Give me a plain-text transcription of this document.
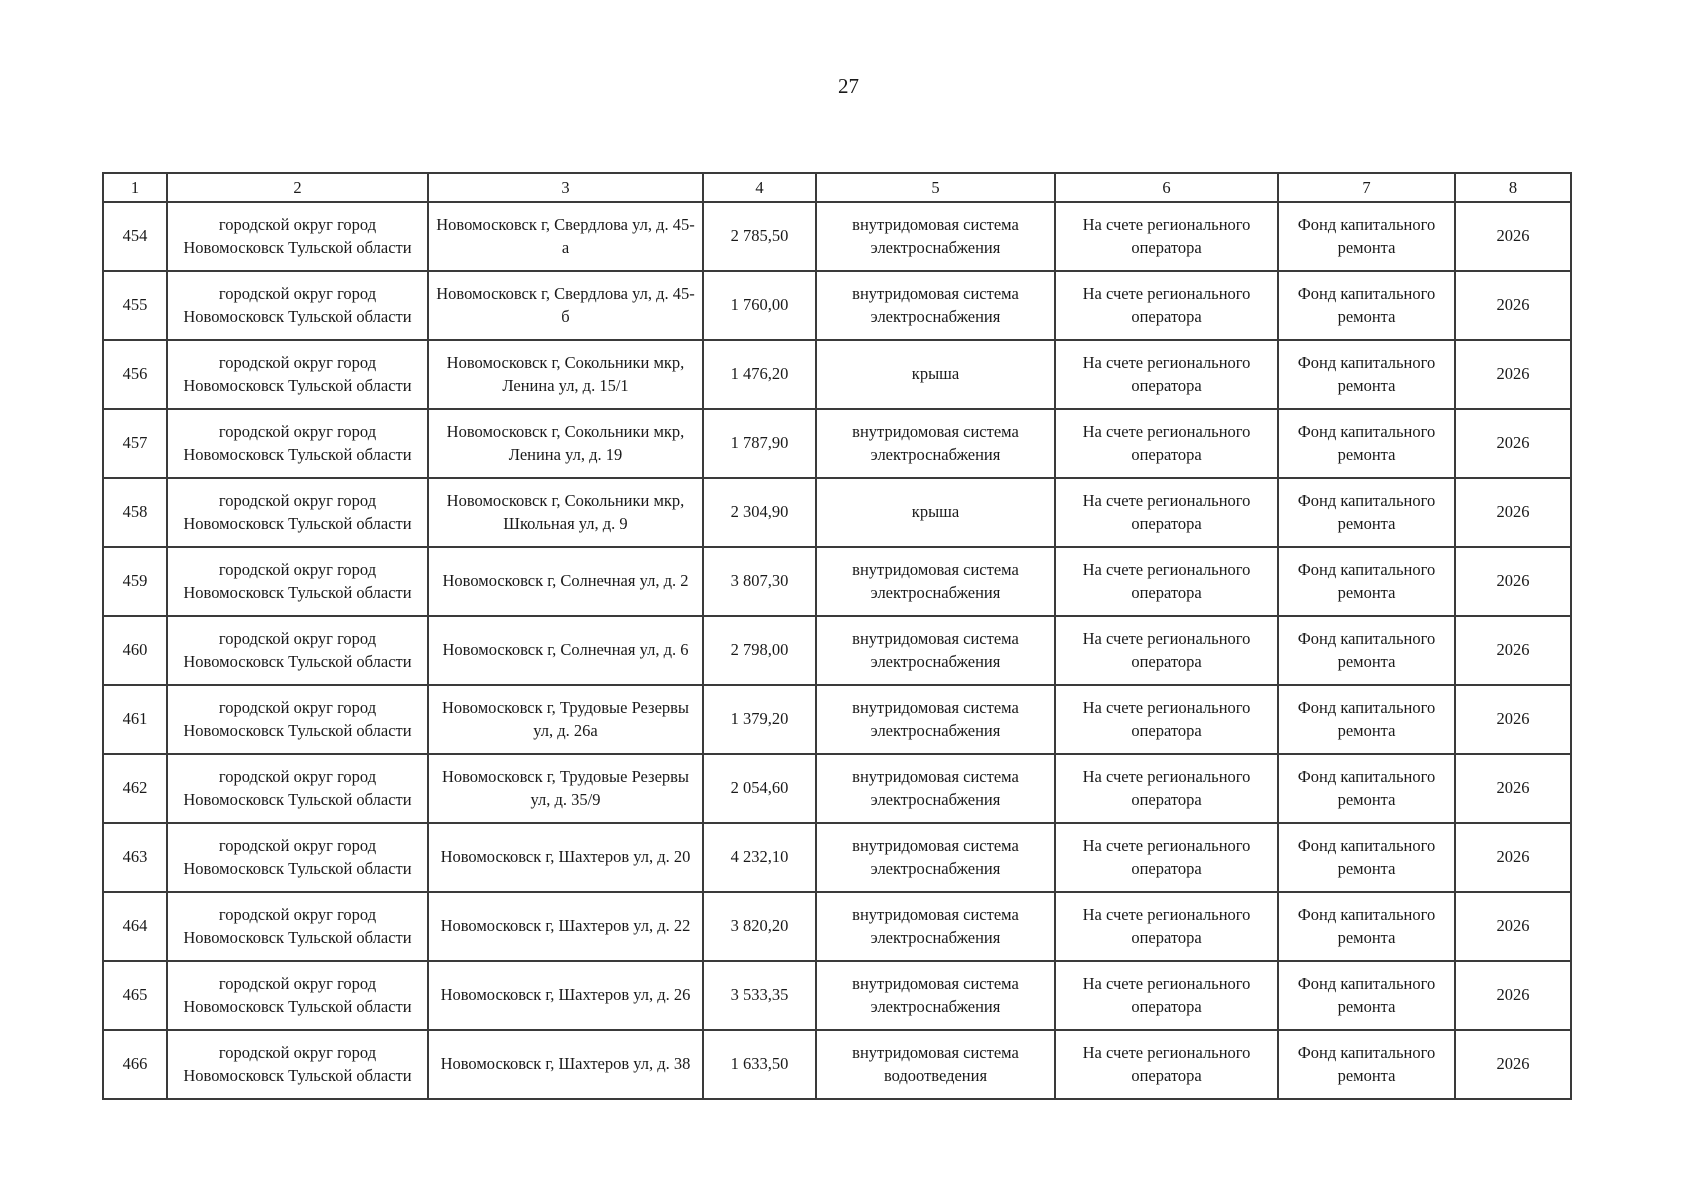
27
1	2	3	4	5	6	7	8
454	городской округ город Новомосковск Тульской области	Новомосковск г, Свердлова ул, д. 45-а	2 785,50	внутридомовая система электроснабжения	На счете регионального оператора	Фонд капитального ремонта	2026
455	городской округ город Новомосковск Тульской области	Новомосковск г, Свердлова ул, д. 45-б	1 760,00	внутридомовая система электроснабжения	На счете регионального оператора	Фонд капитального ремонта	2026
456	городской округ город Новомосковск Тульской области	Новомосковск г, Сокольники мкр, Ленина ул, д. 15/1	1 476,20	крыша	На счете регионального оператора	Фонд капитального ремонта	2026
457	городской округ город Новомосковск Тульской области	Новомосковск г, Сокольники мкр, Ленина ул, д. 19	1 787,90	внутридомовая система электроснабжения	На счете регионального оператора	Фонд капитального ремонта	2026
458	городской округ город Новомосковск Тульской области	Новомосковск г, Сокольники мкр, Школьная ул, д. 9	2 304,90	крыша	На счете регионального оператора	Фонд капитального ремонта	2026
459	городской округ город Новомосковск Тульской области	Новомосковск г, Солнечная ул, д. 2	3 807,30	внутридомовая система электроснабжения	На счете регионального оператора	Фонд капитального ремонта	2026
460	городской округ город Новомосковск Тульской области	Новомосковск г, Солнечная ул, д. 6	2 798,00	внутридомовая система электроснабжения	На счете регионального оператора	Фонд капитального ремонта	2026
461	городской округ город Новомосковск Тульской области	Новомосковск г, Трудовые Резервы ул, д. 26а	1 379,20	внутридомовая система электроснабжения	На счете регионального оператора	Фонд капитального ремонта	2026
462	городской округ город Новомосковск Тульской области	Новомосковск г, Трудовые Резервы ул, д. 35/9	2 054,60	внутридомовая система электроснабжения	На счете регионального оператора	Фонд капитального ремонта	2026
463	городской округ город Новомосковск Тульской области	Новомосковск г, Шахтеров ул, д. 20	4 232,10	внутридомовая система электроснабжения	На счете регионального оператора	Фонд капитального ремонта	2026
464	городской округ город Новомосковск Тульской области	Новомосковск г, Шахтеров ул, д. 22	3 820,20	внутридомовая система электроснабжения	На счете регионального оператора	Фонд капитального ремонта	2026
465	городской округ город Новомосковск Тульской области	Новомосковск г, Шахтеров ул, д. 26	3 533,35	внутридомовая система электроснабжения	На счете регионального оператора	Фонд капитального ремонта	2026
466	городской округ город Новомосковск Тульской области	Новомосковск г, Шахтеров ул, д. 38	1 633,50	внутридомовая система водоотведения	На счете регионального оператора	Фонд капитального ремонта	2026
